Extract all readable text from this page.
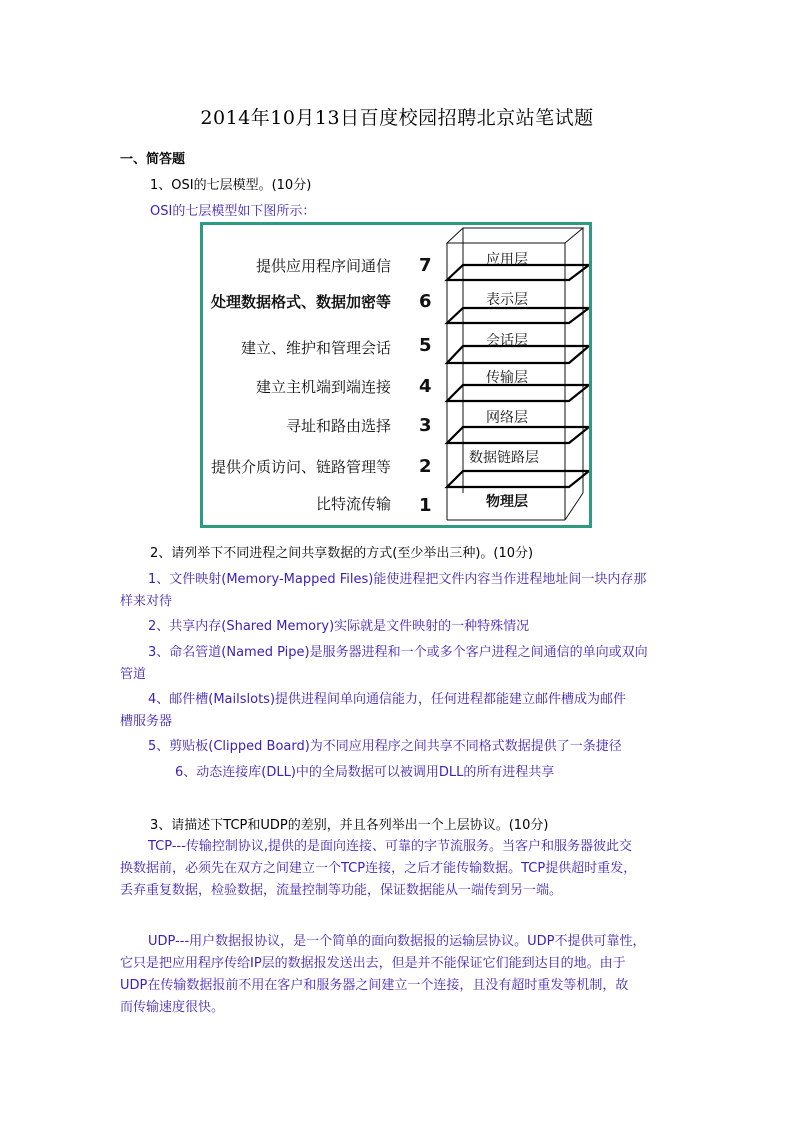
2014年10月13日百度校园招聘北京站笔试题
一、简答题
1、OSI的七层模型。(10分)
OSI的七层模型如下图所示：
提供应用程序间通信 7	应用层
处理数据格式、数据加密等 6	表示层
建立、维护和管理会话 5	会话层
建立主机端到端连接 4	传输层
寻址和路由选择 3	网络层
提供介质访问、链路管理等 2	数据链路层
比特流传输 1	物理层
2、请列举下不同进程之间共享数据的方式(至少举出三种)。(10分)
1、文件映射(Memory-Mapped Files)能使进程把文件内容当作进程地址间一块内存那
样来对待
2、共享内存(Shared Memory)实际就是文件映射的一种特殊情况
3、命名管道(Named Pipe)是服务器进程和一个或多个客户进程之间通信的单向或双向
管道
4、邮件槽(Mailslots)提供进程间单向通信能力，任何进程都能建立邮件槽成为邮件
槽服务器
5、剪贴板(Clipped Board)为不同应用程序之间共享不同格式数据提供了一条捷径
6、动态连接库(DLL)中的全局数据可以被调用DLL的所有进程共享
3、请描述下TCP和UDP的差别，并且各列举出一个上层协议。(10分)
TCP---传输控制协议,提供的是面向连接、可靠的字节流服务。当客户和服务器彼此交
换数据前，必须先在双方之间建立一个TCP连接，之后才能传输数据。TCP提供超时重发，
丢弃重复数据，检验数据，流量控制等功能，保证数据能从一端传到另一端。
UDP---用户数据报协议，是一个简单的面向数据报的运输层协议。UDP不提供可靠性，
它只是把应用程序传给IP层的数据报发送出去，但是并不能保证它们能到达目的地。由于
UDP在传输数据报前不用在客户和服务器之间建立一个连接，且没有超时重发等机制，故
而传输速度很快。
